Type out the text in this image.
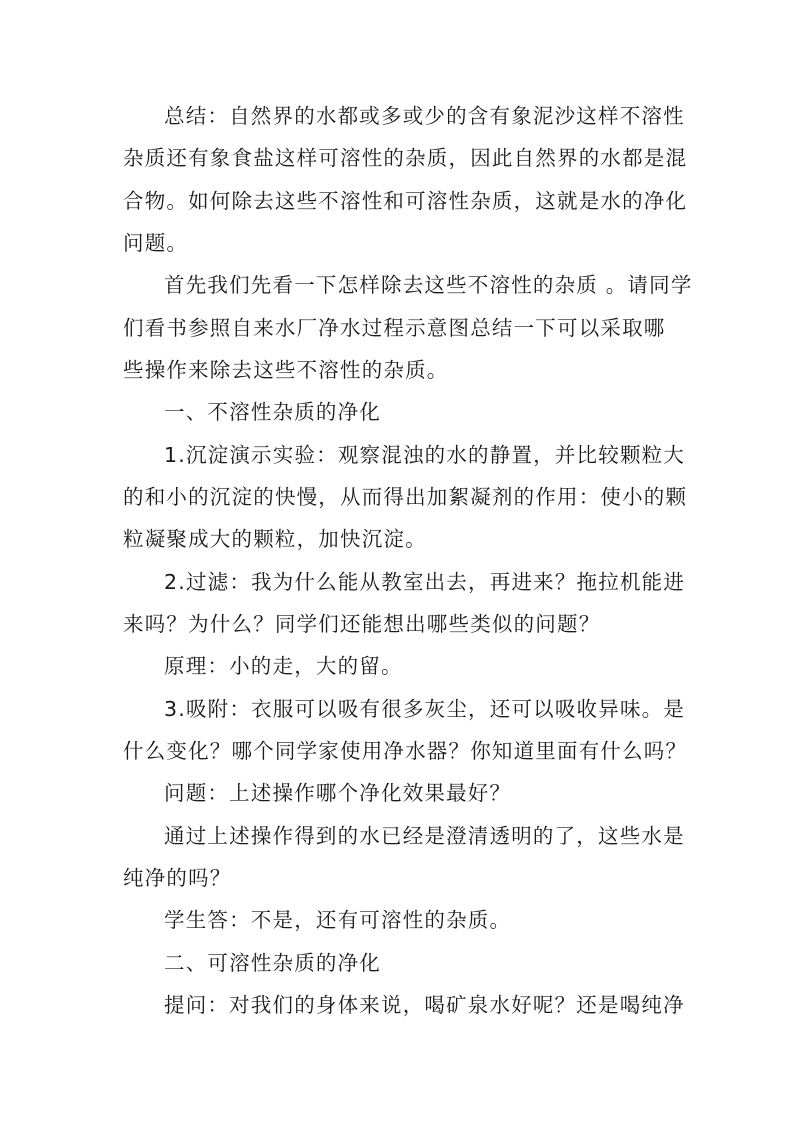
总结：自然界的水都或多或少的含有象泥沙这样不溶性
杂质还有象食盐这样可溶性的杂质，因此自然界的水都是混
合物。如何除去这些不溶性和可溶性杂质，这就是水的净化
问题。
首先我们先看一下怎样除去这些不溶性的杂质 。请同学
们看书参照自来水厂净水过程示意图总结一下可以采取哪
些操作来除去这些不溶性的杂质。
一、不溶性杂质的净化
1.沉淀演示实验：观察混浊的水的静置，并比较颗粒大
的和小的沉淀的快慢，从而得出加絮凝剂的作用：使小的颗
粒凝聚成大的颗粒，加快沉淀。
2.过滤：我为什么能从教室出去，再进来？拖拉机能进
来吗？为什么？同学们还能想出哪些类似的问题？
原理：小的走，大的留。
3.吸附：衣服可以吸有很多灰尘，还可以吸收异味。是
什么变化？哪个同学家使用净水器？你知道里面有什么吗？
问题：上述操作哪个净化效果最好？
通过上述操作得到的水已经是澄清透明的了，这些水是
纯净的吗？
学生答：不是，还有可溶性的杂质。
二、可溶性杂质的净化
提问：对我们的身体来说，喝矿泉水好呢？还是喝纯净
